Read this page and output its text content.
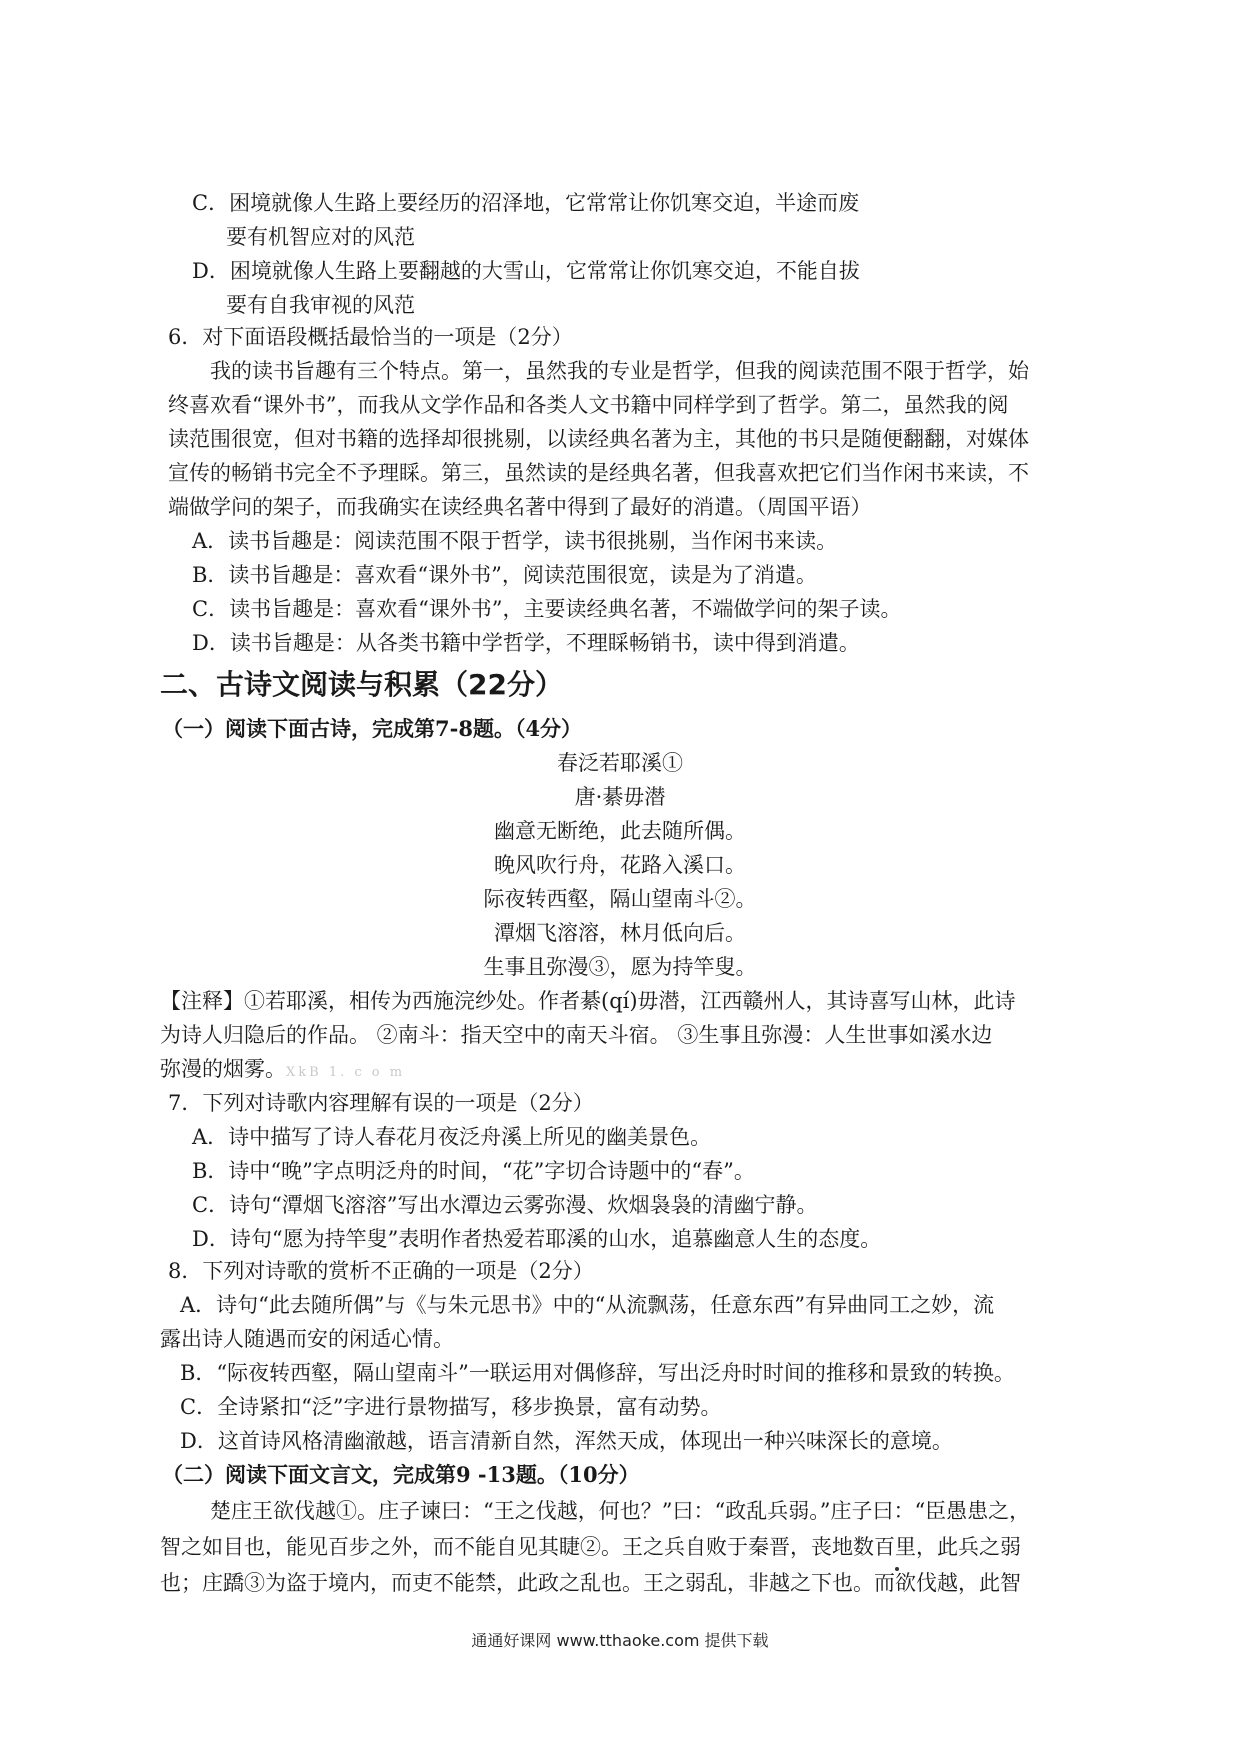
C．困境就像人生路上要经历的沼泽地，它常常让你饥寒交迫，半途而废
要有机智应对的风范
D．困境就像人生路上要翻越的大雪山，它常常让你饥寒交迫，不能自拔
要有自我审视的风范
6．对下面语段概括最恰当的一项是（2分）
我的读书旨趣有三个特点。第一，虽然我的专业是哲学，但我的阅读范围不限于哲学，始
终喜欢看“课外书”，而我从文学作品和各类人文书籍中同样学到了哲学。第二，虽然我的阅
读范围很宽，但对书籍的选择却很挑剔，以读经典名著为主，其他的书只是随便翻翻，对媒体
宣传的畅销书完全不予理睬。第三，虽然读的是经典名著，但我喜欢把它们当作闲书来读，不
端做学问的架子，而我确实在读经典名著中得到了最好的消遣。（周国平语）
A．读书旨趣是：阅读范围不限于哲学，读书很挑剔，当作闲书来读。
B．读书旨趣是：喜欢看“课外书”，阅读范围很宽，读是为了消遣。
C．读书旨趣是：喜欢看“课外书”，主要读经典名著，不端做学问的架子读。
D．读书旨趣是：从各类书籍中学哲学，不理睬畅销书，读中得到消遣。
二、古诗文阅读与积累（22分）
（一）阅读下面古诗，完成第7-8题。（4分）
春泛若耶溪①
唐·綦毋潜
幽意无断绝，此去随所偶。
晚风吹行舟，花路入溪口。
际夜转西壑，隔山望南斗②。
潭烟飞溶溶，林月低向后。
生事且弥漫③，愿为持竿叟。
【注释】①若耶溪，相传为西施浣纱处。作者綦(qí)毋潜，江西赣州人，其诗喜写山林，此诗
为诗人归隐后的作品。 ②南斗：指天空中的南天斗宿。 ③生事且弥漫：人生世事如溪水边
弥漫的烟雾。XkB 1. c o m
7．下列对诗歌内容理解有误的一项是（2分）
A．诗中描写了诗人春花月夜泛舟溪上所见的幽美景色。
B．诗中“晚”字点明泛舟的时间，“花”字切合诗题中的“春”。
C．诗句“潭烟飞溶溶”写出水潭边云雾弥漫、炊烟袅袅的清幽宁静。
D．诗句“愿为持竿叟”表明作者热爱若耶溪的山水，追慕幽意人生的态度。
8．下列对诗歌的赏析不正确的一项是（2分）
A．诗句“此去随所偶”与《与朱元思书》中的“从流飘荡，任意东西”有异曲同工之妙，流
露出诗人随遇而安的闲适心情。
B．“际夜转西壑，隔山望南斗”一联运用对偶修辞，写出泛舟时时间的推移和景致的转换。
C．全诗紧扣“泛”字进行景物描写，移步换景，富有动势。
D．这首诗风格清幽澈越，语言清新自然，浑然天成，体现出一种兴味深长的意境。
（二）阅读下面文言文，完成第9 -13题。（10分）
楚庄王欲伐越①。庄子谏曰：“王之伐越，何也？”曰：“政乱兵弱。”庄子曰：“臣愚患之，
智之如目也，能见百步之外，而不能自见其睫②。王之兵自败于秦晋，丧地数百里，此兵之弱
也；庄蹻③为盗于境内，而吏不能禁，此政之乱也。王之弱乱，非越之下也。而欲伐越，此智
通通好课网 www.tthaoke.com 提供下载
